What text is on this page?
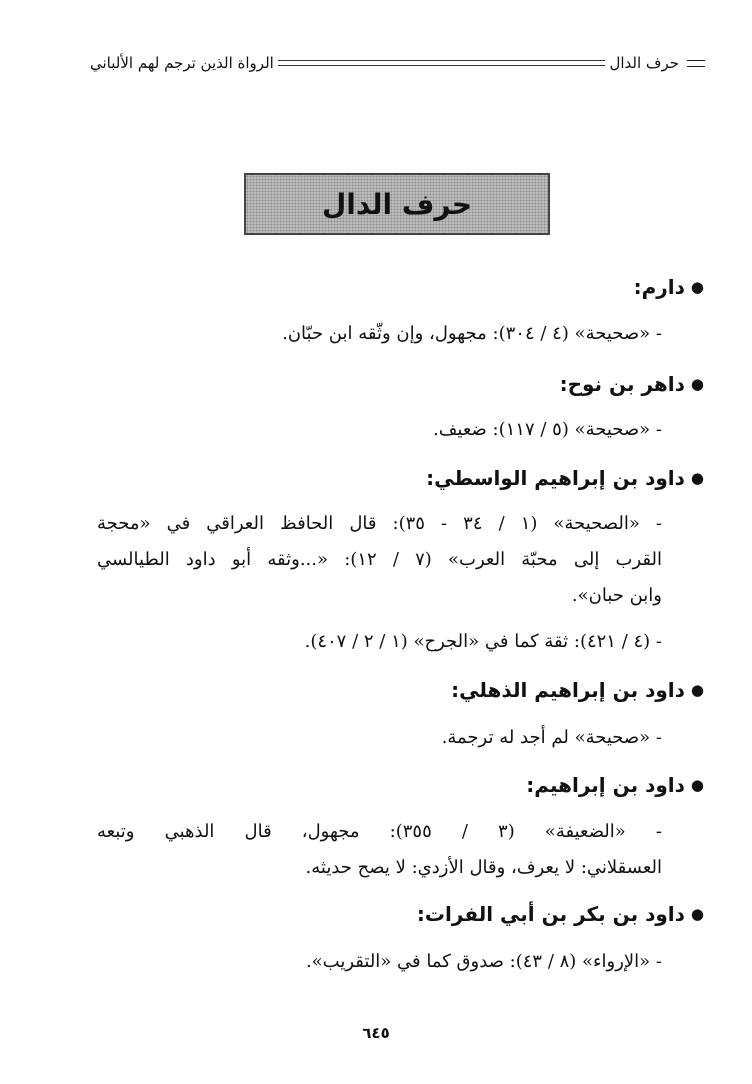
حرف الدال
الرواة الذين ترجم لهم الألباني
حرف الدال
●دارم:
- «صحيحة» (٤ / ٣٠٤): مجهول، وإن وثّقه ابن حبّان.
●داهر بن نوح:
- «صحيحة» (٥ / ١١٧): ضعيف.
●داود بن إبراهيم الواسطي:
- «الصحيحة» (١ / ٣٤ - ٣٥): قال الحافظ العراقي في «محجة
القرب إلى محبّة العرب» (٧ / ١٢): «...وثقه أبو داود الطيالسي
وابن حبان».
- (٤ / ٤٢١): ثقة كما في «الجرح» (١ / ٢ / ٤٠٧).
●داود بن إبراهيم الذهلي:
- «صحيحة» لم أجد له ترجمة.
●داود بن إبراهيم:
- «الضعيفة» (٣ / ٣٥٥): مجهول، قال الذهبي وتبعه
العسقلاني: لا يعرف، وقال الأزدي: لا يصح حديثه.
●داود بن بكر بن أبي الفرات:
- «الإرواء» (٨ / ٤٣): صدوق كما في «التقريب».
٦٤٥
